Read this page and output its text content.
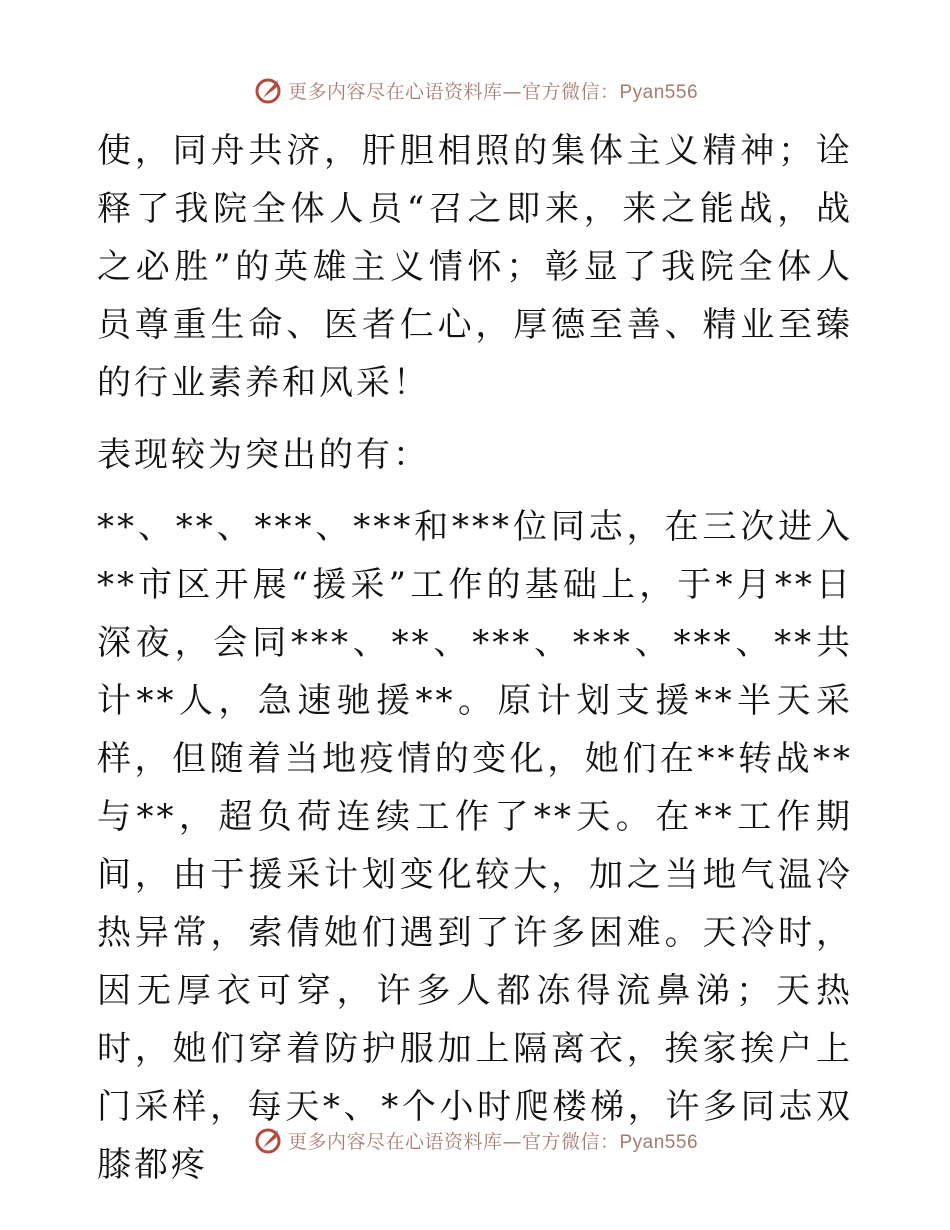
更多内容尽在心语资料库—官方微信：Pyan556

使，同舟共济，肝胆相照的集体主义精神；诠释了我院全体人员“召之即来，来之能战，战之必胜”的英雄主义情怀；彰显了我院全体人员尊重生命、医者仁心，厚德至善、精业至臻的行业素养和风采！

表现较为突出的有：

**、**、***、***和***位同志，在三次进入**市区开展“援采”工作的基础上，于*月**日深夜，会同***、**、***、***、***、**共计**人，急速驰援**。原计划支援**半天采样，但随着当地疫情的变化，她们在**转战**与**，超负荷连续工作了**天。在**工作期间，由于援采计划变化较大，加之当地气温冷热异常，索倩她们遇到了许多困难。天冷时，因无厚衣可穿，许多人都冻得流鼻涕；天热时，她们穿着防护服加上隔离衣，挨家挨户上门采样，每天*、*个小时爬楼梯，许多同志双膝都疼

更多内容尽在心语资料库—官方微信：Pyan556
